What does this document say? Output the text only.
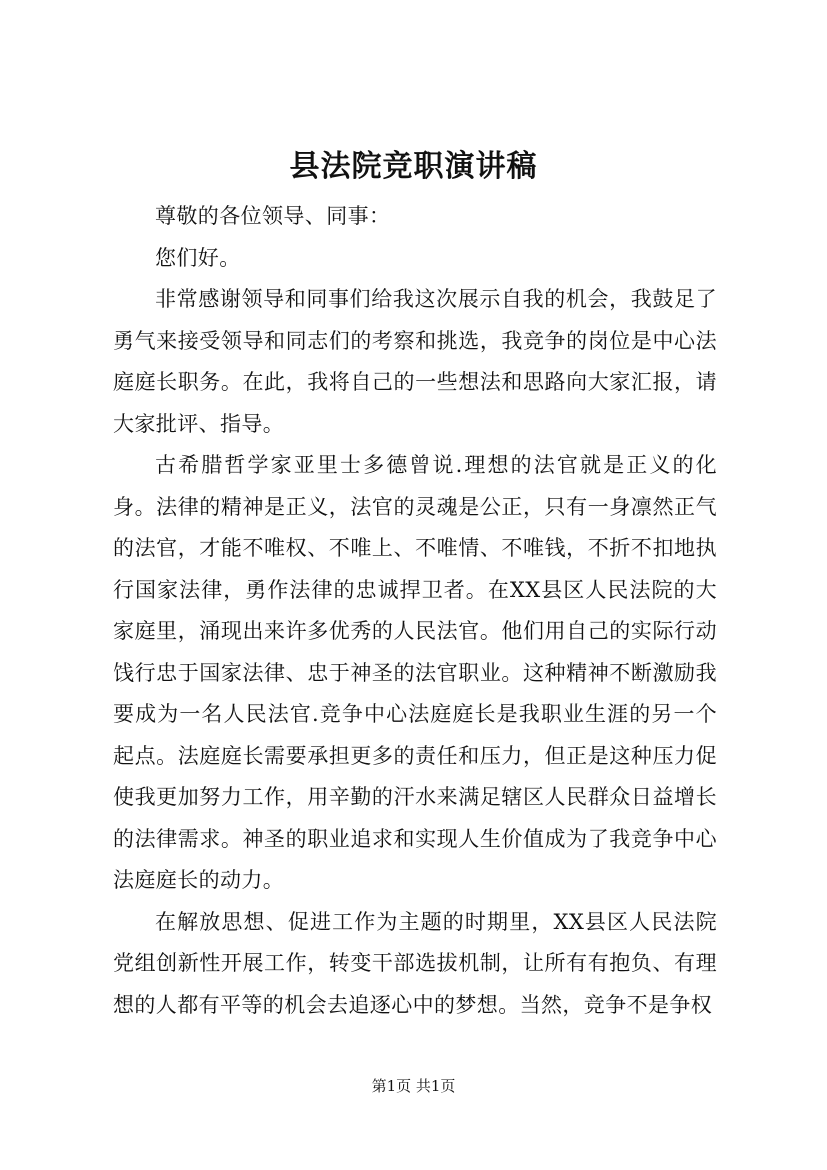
县法院竞职演讲稿

尊敬的各位领导、同事：

您们好。

非常感谢领导和同事们给我这次展示自我的机会，我鼓足了勇气来接受领导和同志们的考察和挑选，我竞争的岗位是中心法庭庭长职务。在此，我将自己的一些想法和思路向大家汇报，请大家批评、指导。

古希腊哲学家亚里士多德曾说.理想的法官就是正义的化身。法律的精神是正义，法官的灵魂是公正，只有一身凛然正气的法官，才能不唯权、不唯上、不唯情、不唯钱，不折不扣地执行国家法律，勇作法律的忠诚捍卫者。在XX县区人民法院的大家庭里，涌现出来许多优秀的人民法官。他们用自己的实际行动饯行忠于国家法律、忠于神圣的法官职业。这种精神不断激励我要成为一名人民法官.竞争中心法庭庭长是我职业生涯的另一个起点。法庭庭长需要承担更多的责任和压力，但正是这种压力促使我更加努力工作，用辛勤的汗水来满足辖区人民群众日益增长的法律需求。神圣的职业追求和实现人生价值成为了我竞争中心法庭庭长的动力。

在解放思想、促进工作为主题的时期里，XX县区人民法院党组创新性开展工作，转变干部选拔机制，让所有有抱负、有理想的人都有平等的机会去追逐心中的梦想。当然，竞争不是争权

第1页 共1页
